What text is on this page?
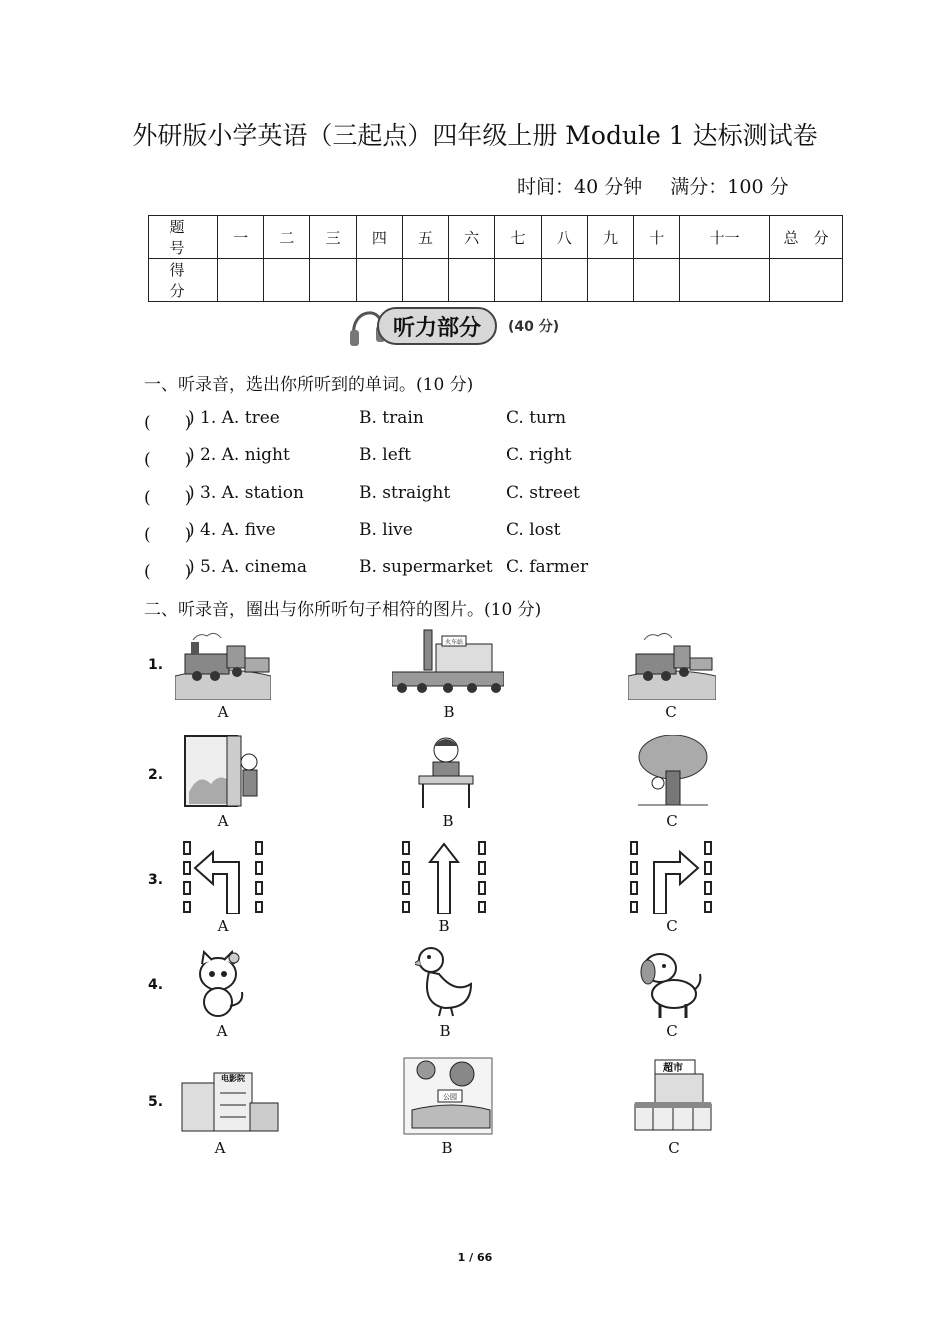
外研版小学英语（三起点）四年级上册 Module 1 达标测试卷
时间：40 分钟 满分：100 分
题　号	一	二	三	四	五	六	七	八	九	十	十一	总　分
得　分												
听力部分 (40 分)
一、听录音，选出你所听到的单词。(10 分)
(　　)
) 1. A. tree	B. train	C. turn
(　　)
) 2. A. night	B. left	C. right
(　　)
) 3. A. station	B. straight	C. street
(　　)
) 4. A. five	B. live	C. lost
(　　)
) 5. A. cinema	B. supermarket C. farmer
二、听录音，圈出与你所听句子相符的图片。(10 分)
1.
A
火车站
B	C
2.
A	B	C
3.
A	B	C
4.
A	B	C
5.
电影院
A
公园
B
超市
C
1 / 66
